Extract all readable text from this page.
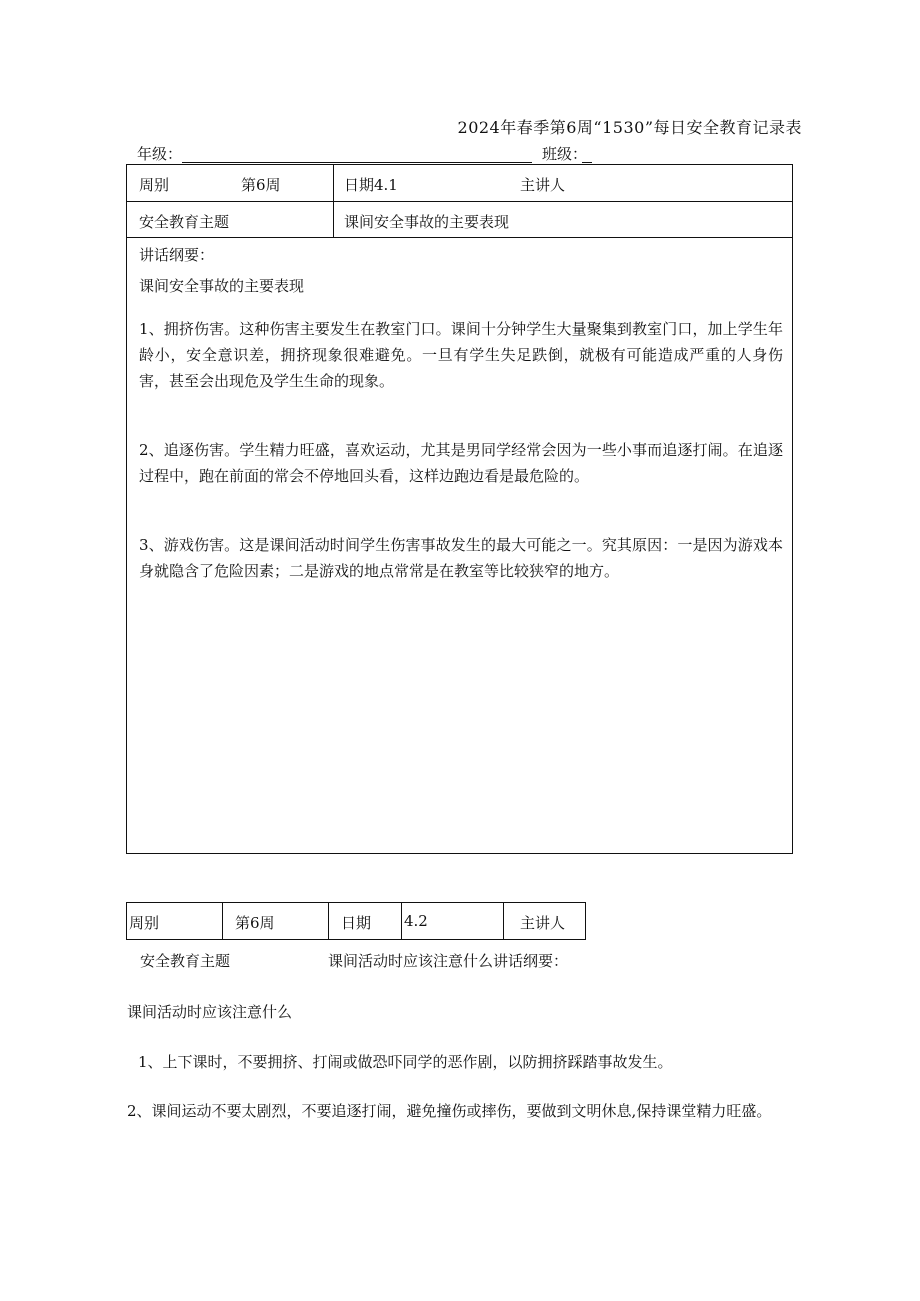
2024年春季第6周“1530”每日安全教育记录表
年级：	班级：
周别	第6周	日期4.1	主讲人
安全教育主题	课间安全事故的主要表现
讲话纲要：

课间安全事故的主要表现

1、拥挤伤害。这种伤害主要发生在教室门口。课间十分钟学生大量聚集到教室门口，加上学生年龄小，安全意识差，拥挤现象很难避免。一旦有学生失足跌倒，就极有可能造成严重的人身伤害，甚至会出现危及学生生命的现象。

2、追逐伤害。学生精力旺盛，喜欢运动，尤其是男同学经常会因为一些小事而追逐打闹。在追逐过程中，跑在前面的常会不停地回头看，这样边跑边看是最危险的。

3、游戏伤害。这是课间活动时间学生伤害事故发生的最大可能之一。究其原因：一是因为游戏本身就隐含了危险因素；二是游戏的地点常常是在教室等比较狭窄的地方。

周别	第6周	日期 4.2	主讲人
安全教育主题	课间活动时应该注意什么讲话纲要：
课间活动时应该注意什么
1、上下课时，不要拥挤、打闹或做恐吓同学的恶作剧，以防拥挤踩踏事故发生。
2、课间运动不要太剧烈，不要追逐打闹，避免撞伤或摔伤，要做到文明休息,保持课堂精力旺盛。
